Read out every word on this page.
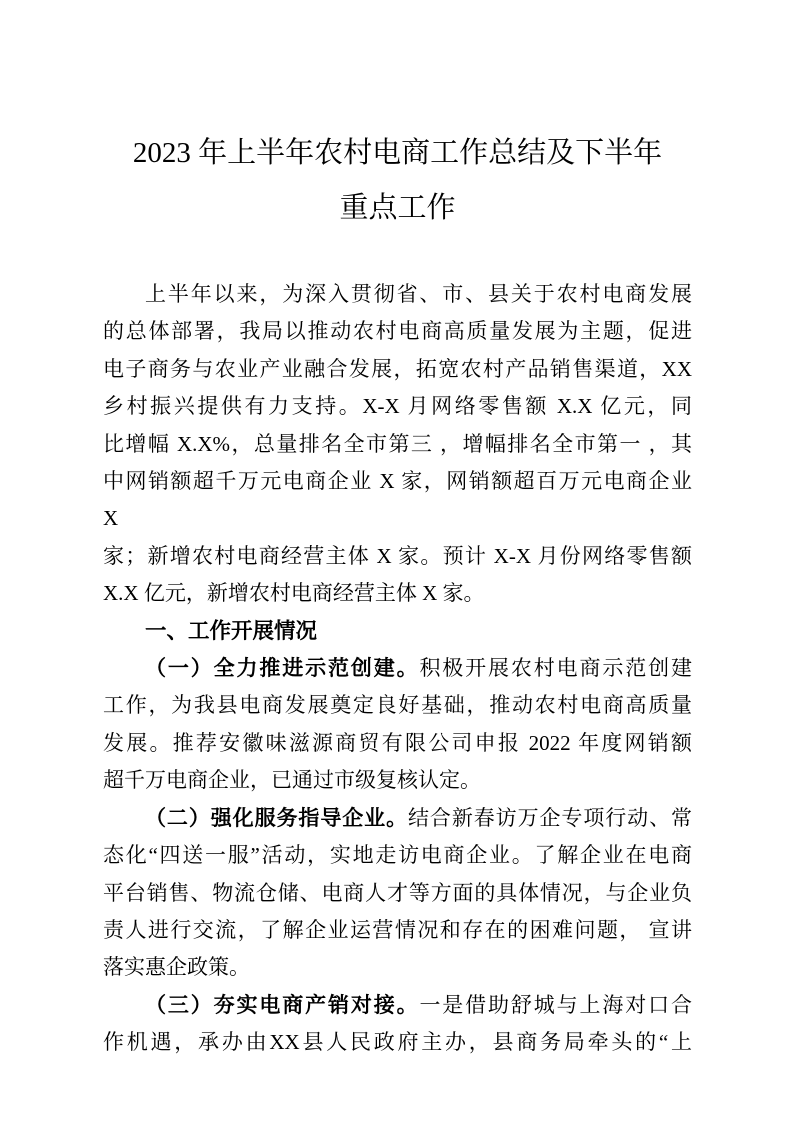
2023 年上半年农村电商工作总结及下半年
重点工作
上半年以来，为深入贯彻省、市、县关于农村电商发展
的总体部署，我局以推动农村电商高质量发展为主题，促进
电子商务与农业产业融合发展，拓宽农村产品销售渠道，XX
乡村振兴提供有力支持。X-X 月网络零售额 X.X 亿元，同
比增幅 X.X%，总量排名全市第三 ，增幅排名全市第一 ，其
中网销额超千万元电商企业 X 家，网销额超百万元电商企业
X
家；新增农村电商经营主体 X 家。预计 X-X 月份网络零售额
X.X 亿元，新增农村电商经营主体 X 家。
一、工作开展情况
（一）全力推进示范创建。积极开展农村电商示范创建
工作，为我县电商发展奠定良好基础，推动农村电商高质量
发展。推荐安徽味滋源商贸有限公司申报 2022 年度网销额
超千万电商企业，已通过市级复核认定。
（二）强化服务指导企业。结合新春访万企专项行动、常
态化“四送一服”活动，实地走访电商企业。了解企业在电商
平台销售、物流仓储、电商人才等方面的具体情况，与企业负
责人进行交流，了解企业运营情况和存在的困难问题， 宣讲
落实惠企政策。
（三）夯实电商产销对接。一是借助舒城与上海对口合
作机遇，承办由XX县人民政府主办，县商务局牵头的“上
